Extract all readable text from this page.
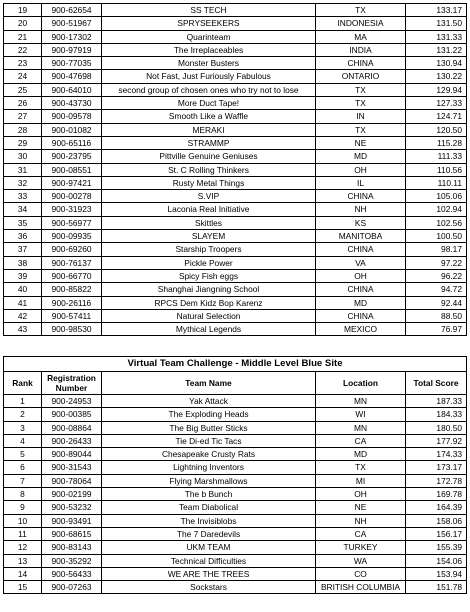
19	900-62654	SS TECH	TX	133.17
20	900-51967	SPRYSEEKERS	INDONESIA	131.50
21	900-17302	Quarinteam	MA	131.33
22	900-97919	The Irreplaceables	INDIA	131.22
23	900-77035	Monster Busters	CHINA	130.94
24	900-47698	Not Fast, Just Furiously Fabulous	ONTARIO	130.22
25	900-64010	second group of chosen ones who try not to lose	TX	129.94
26	900-43730	More Duct Tape!	TX	127.33
27	900-09578	Smooth Like a Waffle	IN	124.71
28	900-01082	MERAKI	TX	120.50
29	900-65116	STRAMMP	NE	115.28
30	900-23795	Pittville Genuine Geniuses	MD	111.33
31	900-08551	St. C Rolling Thinkers	OH	110.56
32	900-97421	Rusty Metal Things	IL	110.11
33	900-00278	S.VIP	CHINA	105.06
34	900-31923	Laconia Real Initiative	NH	102.94
35	900-56977	Skittles	KS	102.56
36	900-09935	SLAYEM	MANITOBA	100.50
37	900-69260	Starship Troopers	CHINA	98.17
38	900-76137	Pickle Power	VA	97.22
39	900-66770	Spicy Fish eggs	OH	96.22
40	900-85822	Shanghai Jiangning School	CHINA	94.72
41	900-26116	RPCS Dem Kidz Bop Karenz	MD	92.44
42	900-57411	Natural Selection	CHINA	88.50
43	900-98530	Mythical Legends	MEXICO	76.97
Virtual Team Challenge - Middle Level Blue Site				
Rank	Registration Number	Team Name	Location	Total Score
1	900-24953	Yak Attack	MN	187.33
2	900-00385	The Exploding Heads	WI	184.33
3	900-08864	The Big Butter Sticks	MN	180.50
4	900-26433	Tie Di-ed Tic Tacs	CA	177.92
5	900-89044	Chesapeake Crusty Rats	MD	174.33
6	900-31543	Lightning Inventors	TX	173.17
7	900-78064	Flying Marshmallows	MI	172.78
8	900-02199	The b Bunch	OH	169.78
9	900-53232	Team Diabolical	NE	164.39
10	900-93491	The Invisiblobs	NH	158.06
11	900-68615	The 7 Daredevils	CA	156.17
12	900-83143	UKM TEAM	TURKEY	155.39
13	900-35292	Technical Difficulties	WA	154.06
14	900-56433	WE ARE THE TREES	CO	153.94
15	900-07263	Sockstars	BRITISH COLUMBIA	151.78
